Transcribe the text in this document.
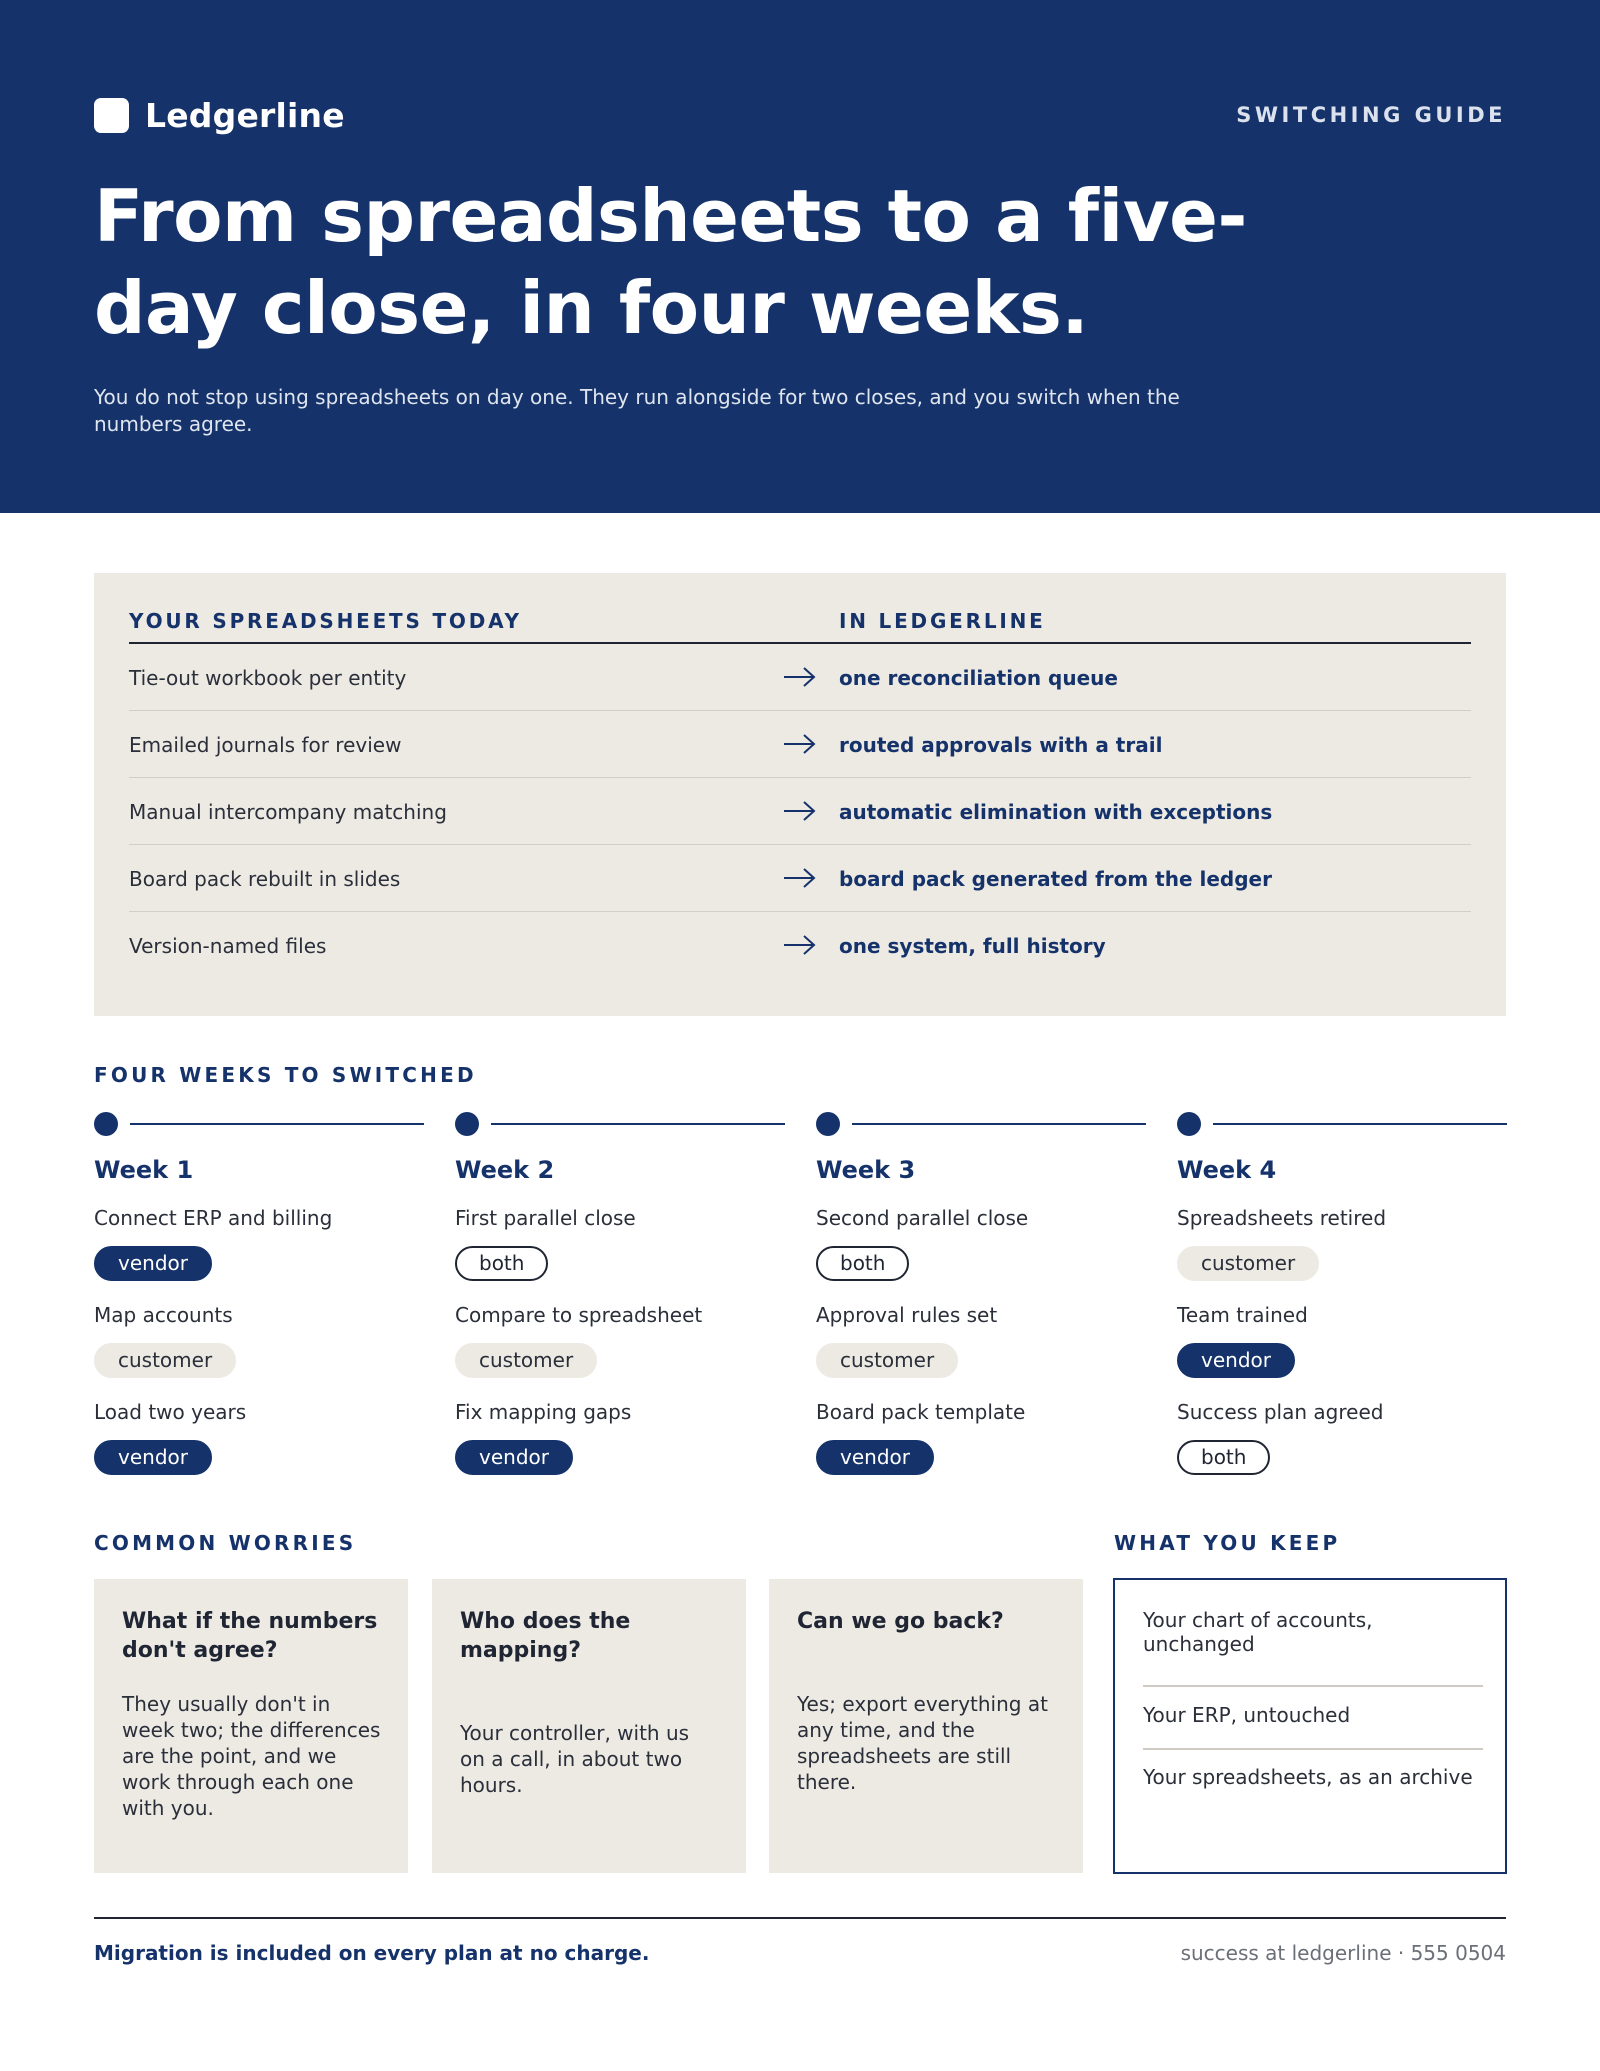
Ledgerline	SWITCHING GUIDE
From spreadsheets to a five-day close, in four weeks.

You do not stop using spreadsheets on day one. They run alongside for two closes, and you switch when the numbers agree.

YOUR SPREADSHEETS TODAY	IN LEDGERLINE
Tie-out workbook per entity	one reconciliation queue
Emailed journals for review	routed approvals with a trail
Manual intercompany matching	automatic elimination with exceptions
Board pack rebuilt in slides	board pack generated from the ledger
Version-named files	one system, full history
FOUR WEEKS TO SWITCHED
Week 1
Connect ERP and billing
vendor
Map accounts
customer
Load two years
vendor
Week 2
First parallel close
both
Compare to spreadsheet
customer
Fix mapping gaps
vendor
Week 3
Second parallel close
both
Approval rules set
customer
Board pack template
vendor
Week 4
Spreadsheets retired
customer
Team trained
vendor
Success plan agreed
both
COMMON WORRIES
What if the numbers don't agree?
They usually don't in week two; the differences are the point, and we work through each one with you.
Who does the mapping?
Your controller, with us on a call, in about two hours.
Can we go back?
Yes; export everything at any time, and the spreadsheets are still there.
WHAT YOU KEEP
Your chart of accounts, unchanged
Your ERP, untouched
Your spreadsheets, as an archive
Migration is included on every plan at no charge.	success at ledgerline · 555 0504
